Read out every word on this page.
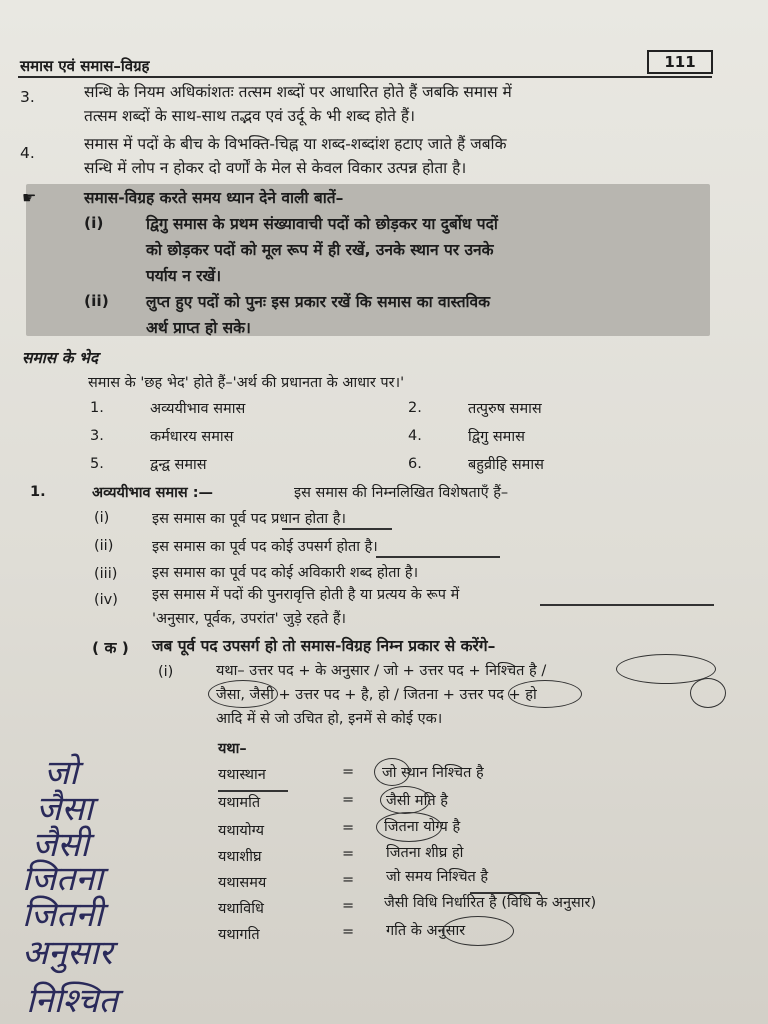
समास एवं समास–विग्रह	111
3.	सन्धि के नियम अधिकांशतः तत्सम शब्दों पर आधारित होते हैं जबकि समास में
तत्सम शब्दों के साथ-साथ तद्भव एवं उर्दू के भी शब्द होते हैं।
4.	समास में पदों के बीच के विभक्ति-चिह्न या शब्द-शब्दांश हटाए जाते हैं जबकि
सन्धि में लोप न होकर दो वर्णों के मेल से केवल विकार उत्पन्न होता है।
☛	समास-विग्रह करते समय ध्यान देने वाली बातें–
(i)	द्विगु समास के प्रथम संख्यावाची पदों को छोड़कर या दुर्बोध पदों
को छोड़कर पदों को मूल रूप में ही रखें, उनके स्थान पर उनके
पर्याय न रखें।
(ii) लुप्त हुए पदों को पुनः इस प्रकार रखें कि समास का वास्तविक
अर्थ प्राप्त हो सके।
समास के भेद
समास के 'छह भेद' होते हैं–'अर्थ की प्रधानता के आधार पर।'
1.	अव्ययीभाव समास	2.	तत्पुरुष समास
3.	कर्मधारय समास	4.	द्विगु समास
5.	द्वन्द्व समास	6.	बहुव्रीहि समास
1.	अव्ययीभाव समास :—	इस समास की निम्नलिखित विशेषताएँ हैं–
(i)	इस समास का पूर्व पद प्रधान होता है।
(ii)	इस समास का पूर्व पद कोई उपसर्ग होता है।
(iii) इस समास का पूर्व पद कोई अविकारी शब्द होता है।
(iv) इस समास में पदों की पुनरावृत्ति होती है या प्रत्यय के रूप में
'अनुसार, पूर्वक, उपरांत' जुड़े रहते हैं।
( क ) जब पूर्व पद उपसर्ग हो तो समास-विग्रह निम्न प्रकार से करेंगे–
(i)	यथा– उत्तर पद + के अनुसार / जो + उत्तर पद + निश्चित है /
जैसा, जैसी + उत्तर पद + है, हो / जितना + उत्तर पद + हो
आदि में से जो उचित हो, इनमें से कोई एक।
यथा–
यथास्थान	= जो स्थान निश्चित है
यथामति	= जैसी मति है
यथायोग्य	= जितना योग्य है
यथाशीघ्र	= जितना शीघ्र हो
यथासमय	= जो समय निश्चित है
यथाविधि	= जैसी विधि निर्धारित है (विधि के अनुसार)
यथागति	= गति के अनुसार
जो
जैसा
जैसी
जितना
जितनी
अनुसार
निश्चित
